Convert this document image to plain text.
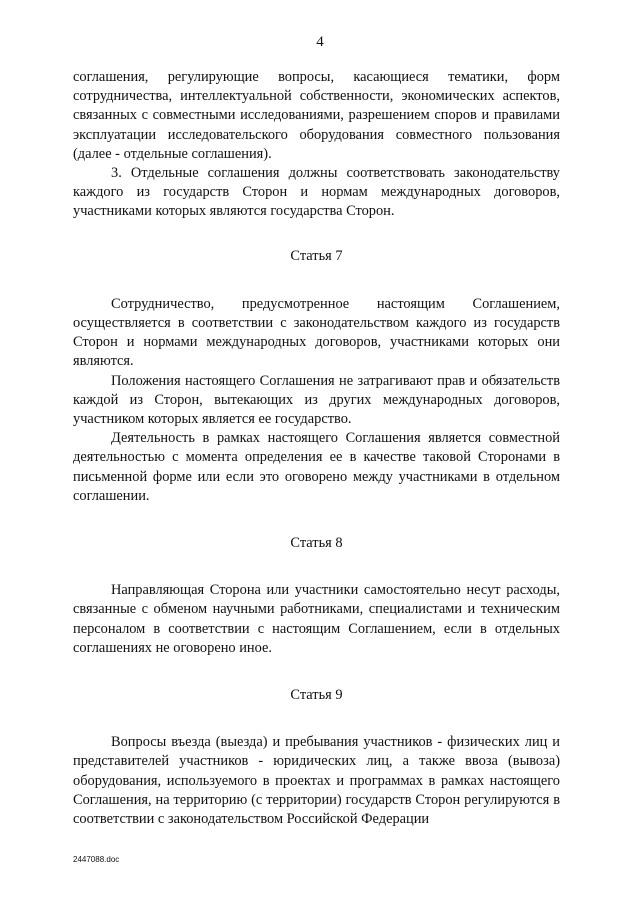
4

соглашения, регулирующие вопросы, касающиеся тематики, форм сотрудничества, интеллектуальной собственности, экономических аспектов, связанных с совместными исследованиями, разрешением споров и правилами эксплуатации исследовательского оборудования совместного пользования (далее - отдельные соглашения).

3. Отдельные соглашения должны соответствовать законодательству каждого из государств Сторон и нормам международных договоров, участниками которых являются государства Сторон.

Статья 7

Сотрудничество, предусмотренное настоящим Соглашением, осуществляется в соответствии с законодательством каждого из государств Сторон и нормами международных договоров, участниками которых они являются.

Положения настоящего Соглашения не затрагивают прав и обязательств каждой из Сторон, вытекающих из других международных договоров, участником которых является ее государство.

Деятельность в рамках настоящего Соглашения является совместной деятельностью с момента определения ее в качестве таковой Сторонами в письменной форме или если это оговорено между участниками в отдельном соглашении.

Статья 8

Направляющая Сторона или участники самостоятельно несут расходы, связанные с обменом научными работниками, специалистами и техническим персоналом в соответствии с настоящим Соглашением, если в отдельных соглашениях не оговорено иное.

Статья 9

Вопросы въезда (выезда) и пребывания участников - физических лиц и представителей участников - юридических лиц, а также ввоза (вывоза) оборудования, используемого в проектах и программах в рамках настоящего Соглашения, на территорию (с территории) государств Сторон регулируются в соответствии с законодательством Российской Федерации

2447088.doc
